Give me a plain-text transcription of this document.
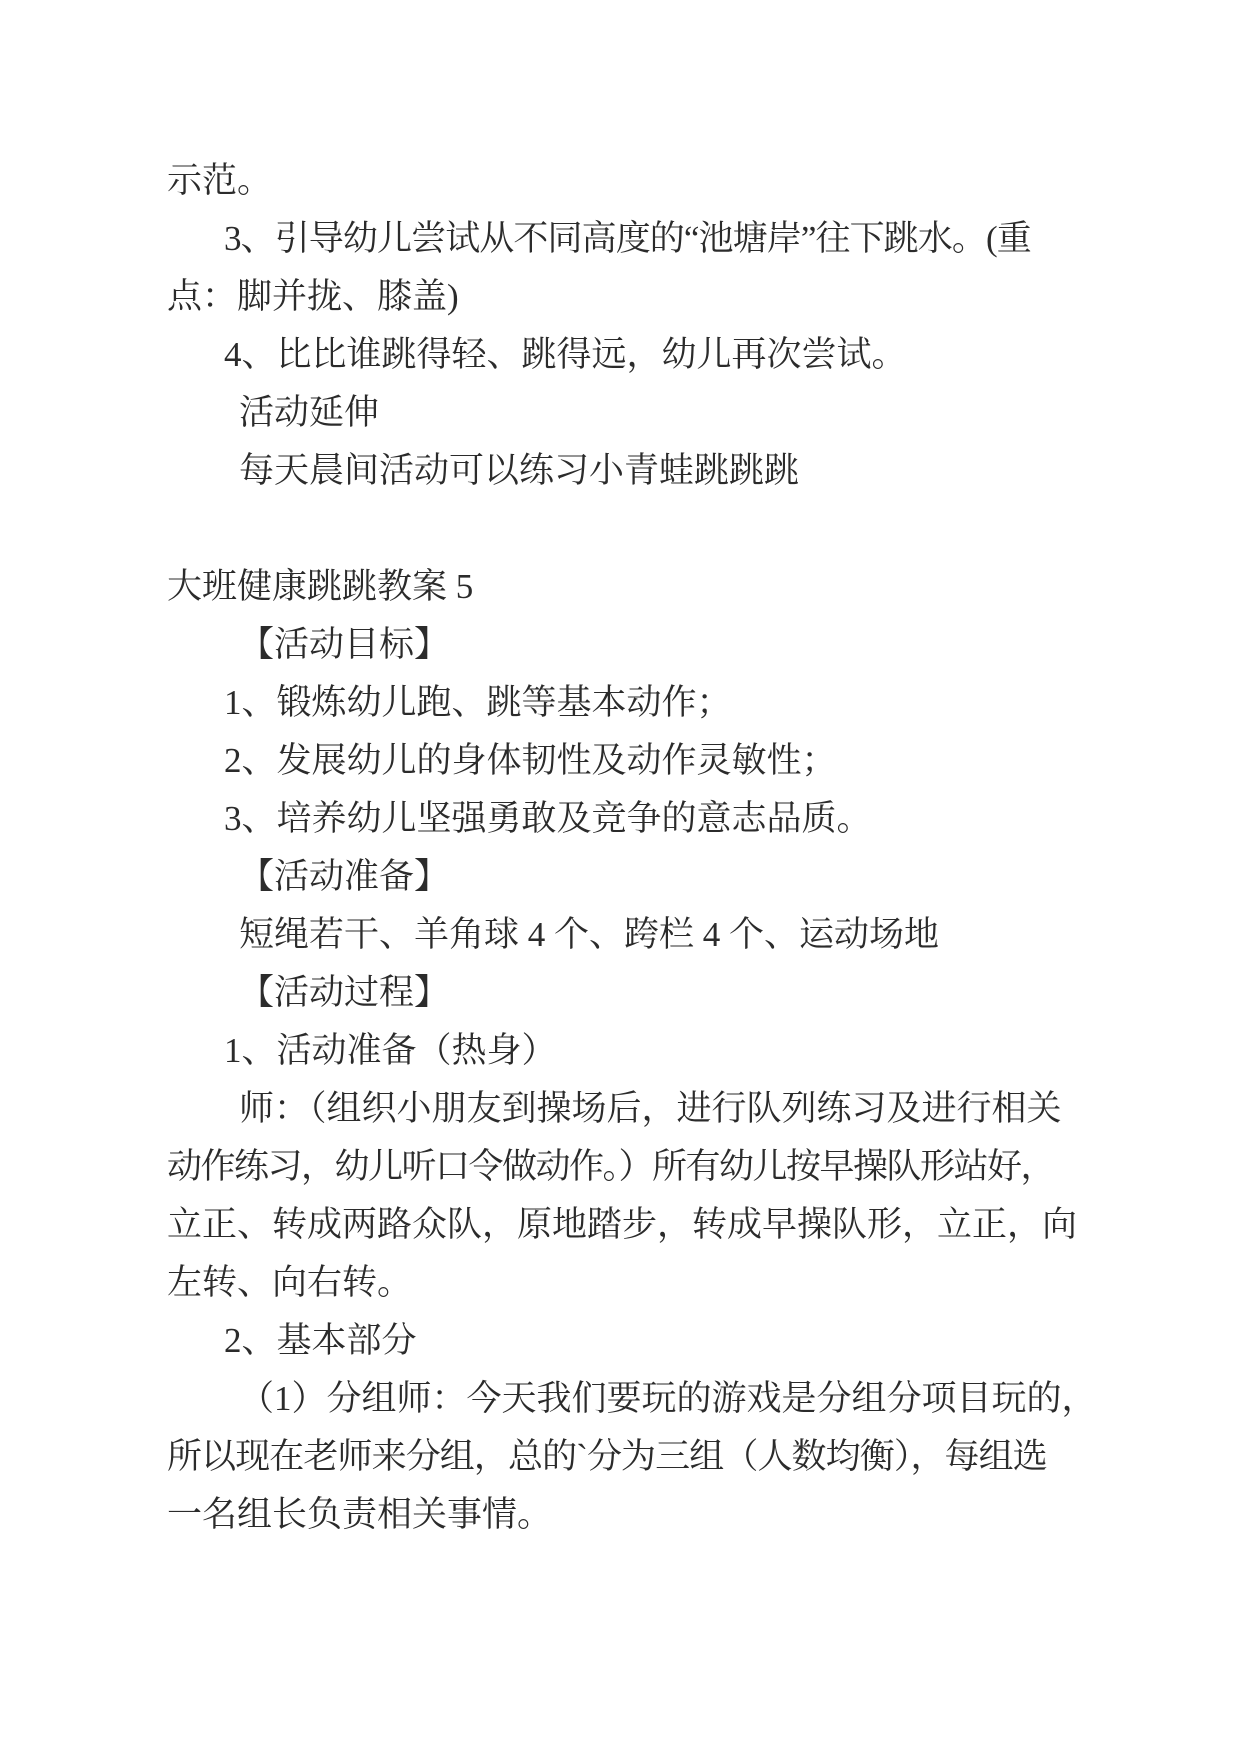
示范。
3、引导幼儿尝试从不同高度的“池塘岸”往下跳水。(重
点：脚并拢、膝盖)
4、比比谁跳得轻、跳得远，幼儿再次尝试。
活动延伸
每天晨间活动可以练习小青蛙跳跳跳
大班健康跳跳教案 5
【活动目标】
1、锻炼幼儿跑、跳等基本动作；
2、发展幼儿的身体韧性及动作灵敏性；
3、培养幼儿坚强勇敢及竞争的意志品质。
【活动准备】
短绳若干、羊角球 4 个、跨栏 4 个、运动场地
【活动过程】
1、活动准备（热身）
师：（组织小朋友到操场后，进行队列练习及进行相关
动作练习，幼儿听口令做动作。）所有幼儿按早操队形站好，
立正、转成两路众队，原地踏步，转成早操队形，立正，向
左转、向右转。
2、基本部分
（1）分组师：今天我们要玩的游戏是分组分项目玩的，
所以现在老师来分组，总的`分为三组（人数均衡），每组选
一名组长负责相关事情。
